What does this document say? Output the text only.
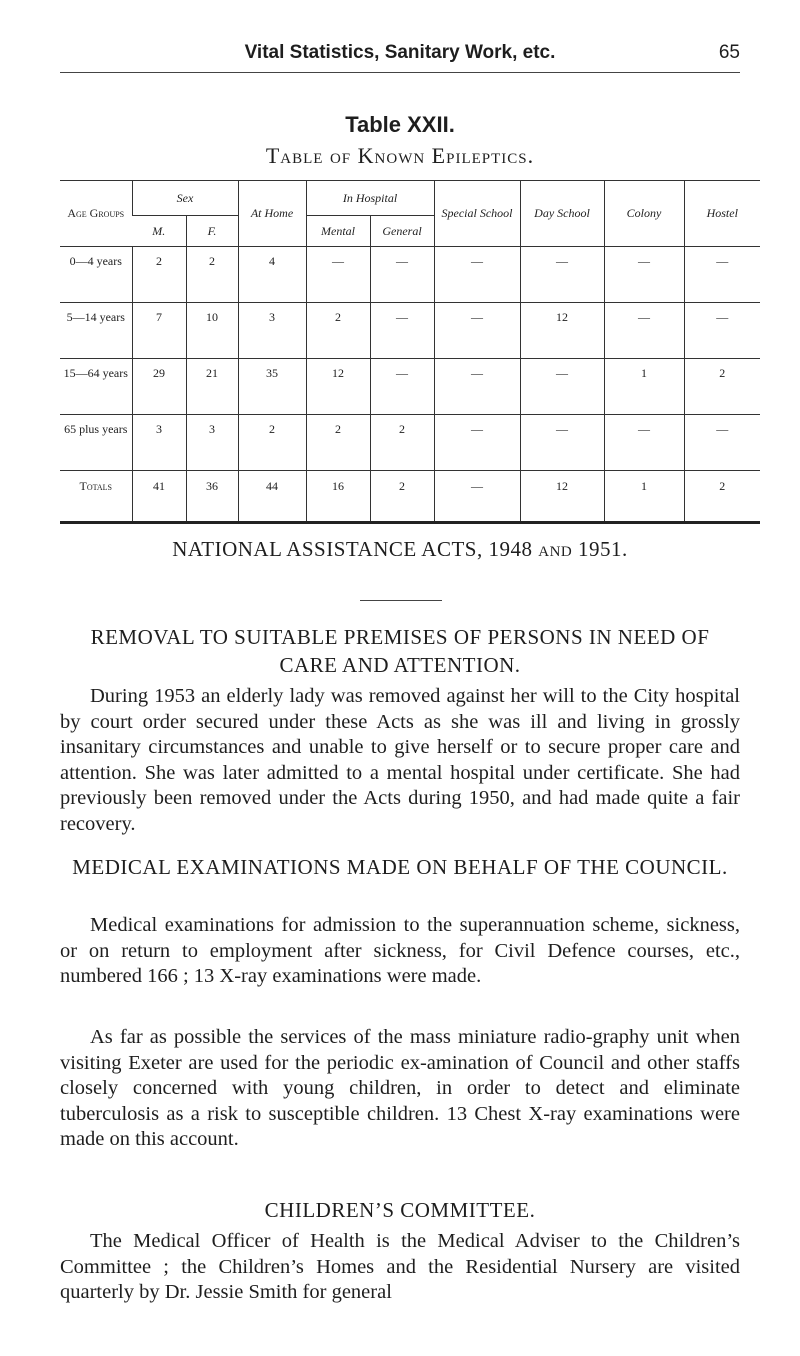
Vital Statistics, Sanitary Work, etc.	65
Table XXII.
Table of Known Epileptics.
Age Groups	Sex		At Home	In Hospital		Special School	Day School	Colony	Hostel
	M.	F.		Mental	General				
0—4 years	2	2	4	—	—	—	—	—	—
5—14 years	7	10	3	2	—	—	12	—	—
15—64 years	29	21	35	12	—	—	—	1	2
65 plus years	3	3	2	2	2	—	—	—	—
Totals	41	36	44	16	2	—	12	1	2
NATIONAL ASSISTANCE ACTS, 1948 and 1951.
REMOVAL TO SUITABLE PREMISES OF PERSONS IN NEED OF CARE AND ATTENTION.

During 1953 an elderly lady was removed against her will to the City hospital by court order secured under these Acts as she was ill and living in grossly insanitary circumstances and unable to give herself or to secure proper care and attention. She was later admitted to a mental hospital under certificate. She had previously been removed under the Acts during 1950, and had made quite a fair recovery.

MEDICAL EXAMINATIONS MADE ON BEHALF OF THE COUNCIL.

Medical examinations for admission to the superannuation scheme, sickness, or on return to employment after sickness, for Civil Defence courses, etc., numbered 166 ; 13 X-ray examinations were made.

As far as possible the services of the mass miniature radio-graphy unit when visiting Exeter are used for the periodic ex-amination of Council and other staffs closely concerned with young children, in order to detect and eliminate tuberculosis as a risk to susceptible children. 13 Chest X-ray examinations were made on this account.

CHILDREN’S COMMITTEE.

The Medical Officer of Health is the Medical Adviser to the Children’s Committee ; the Children’s Homes and the Residential Nursery are visited quarterly by Dr. Jessie Smith for general
